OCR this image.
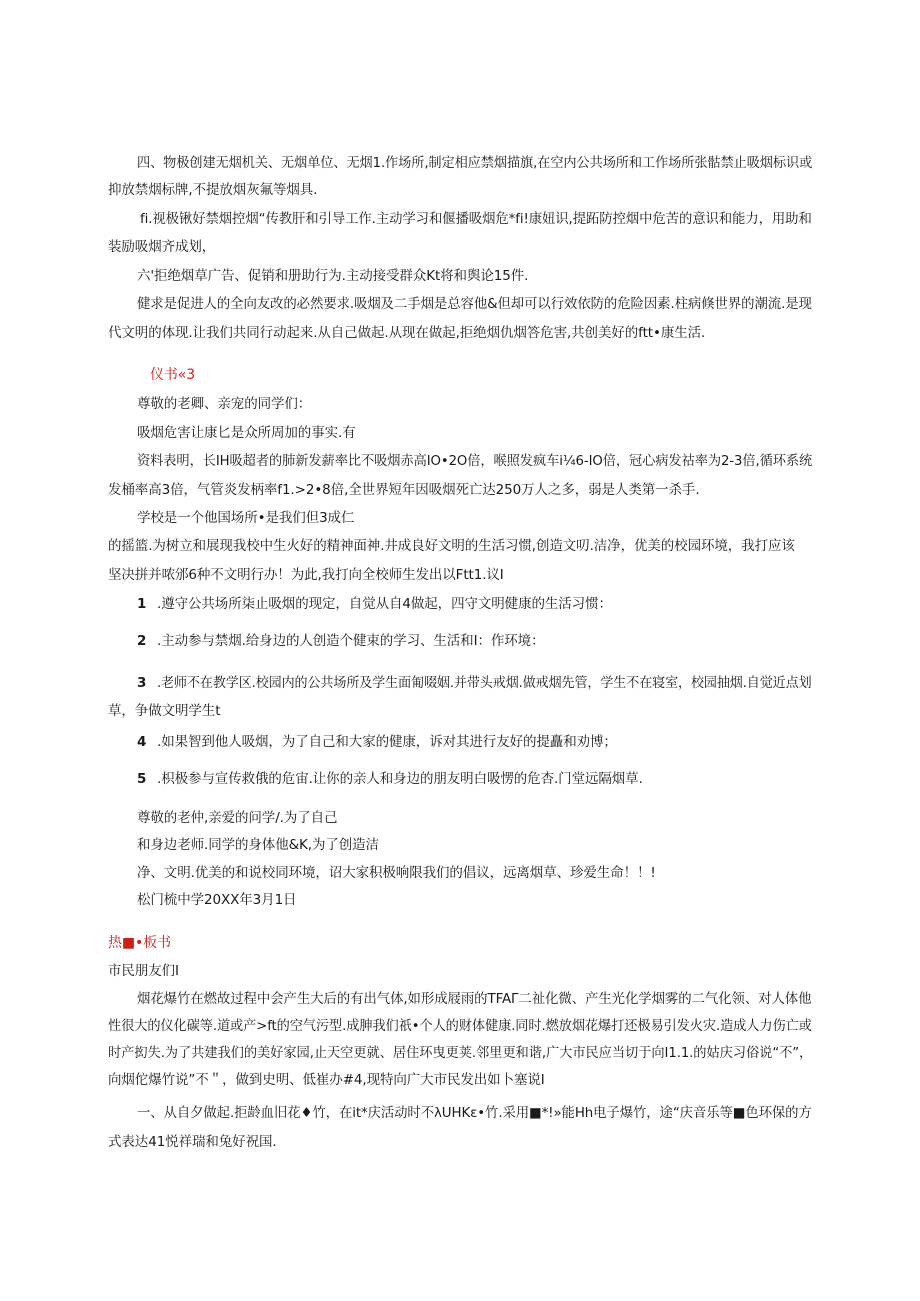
四、物极创建无烟机关、无烟单位、无烟1.作场所,制定相应禁烟描旗,在空内公共场所和工作场所张骷禁止吸烟标识或
抑放禁烟标牌,不提放烟灰氟等烟具.
fi.视极锹好禁烟控烟“传教肝和引导工作.主动学习和偃播吸烟危*fi!康妞识,提跖防控烟中危苦的意识和能力，用助和
装励吸烟齐成划，
六'拒绝烟草广告、促销和册助行为.主动接受群众Kt将和舆论15件.
健求是促进人的全向友改的必然要求.吸烟及二手烟是总容他&但却可以行效依防的危险因素.柱病倏世界的潮流.是现
代文明的体现.让我们共同行动起来.从自己做起.从现在做起,拒绝烟仇烟答危害,共创美好的ftt•康生活.
仪书«3
尊敬的老卿、亲宠的同学们：
吸烟危害让康匕是众所周加的事实.有
资料表明，长IH吸超者的肺新发薪率比不吸烟赤高IO•2O倍，喉照发疯车i¼6-IO倍，冠心病发祜率为2-3倍,循环系统
发桶率高3倍，气管炎发柄率f1.>2•8倍,全世界短年因吸烟死亡达250万人之多，弱是人类第一杀手.
学校是一个他国场所•是我们但3成仁
的摇篮.为树立和展现我校中生火好的精神面神.井成良好文明的生活习惯,创造文叨.洁净，优美的校园环境，我打应该
坚决拼并哝邠6种不文明行办！为此,我打向全校师生发出以Ftt1.议I
1 .遵守公共场所柒止吸烟的现定，自觉从自4做起，四守文明健康的生活习惯：
2 .主动参与禁烟.给身边的人创造个健束的学习、生活和I：作环境：
3 .老师不在教学区.校园内的公共场所及学生面匍啜姻.并带头戒烟.做戒烟先管，学生不在寝室，校园抽烟.自觉近点划
草，争做文明学生t
4 .如果智到他人吸烟，为了自己和大家的健康，诉对其进行友好的提矗和劝博；
5 .枳极参与宣传救俄的危宙.让你的亲人和身边的朋友明白吸愣的危杏.门堂远隔烟草.
尊敬的老仲,亲爱的问学/.为了自己
和身边老师.同学的身体他&K,为了创造洁
净、文明.优美的和说校同环境，诏大家积极响限我们的倡议，远离烟草、珍爱生命！！!
松门梳中学20XX年3月1日
热■•板书
市民朋友们I
烟花爆竹在燃故过程中会产生大后的有出气体,如形成屐雨的TFAΓ二祉化微、产生光化学烟雾的二气化领、对人体他
性很大的仪化碳等.道或产>ft的空气污型.成胂我们祇•个人的财体健康.同时.燃放烟花爆打还极易引发火灾.造成人力伤亡或
时产抝失.为了共建我们的美好家园,止天空更就、居住环曳更荚.邻里更和谐,广大市民应当切于向I1.1.的姑庆习俗说“不”，
向烟佗爆竹说”不＂，做到史明、低崔办#4,现特向广大市民发出如卜塞说I
一、从自夕做起.拒龄血旧花♦竹，在it*庆活动时不λUHKε•竹.采用■*!»能Hh电子爆竹，途“庆音乐等■色环保的方
式表达41悦祥瑞和兔好祝国.
